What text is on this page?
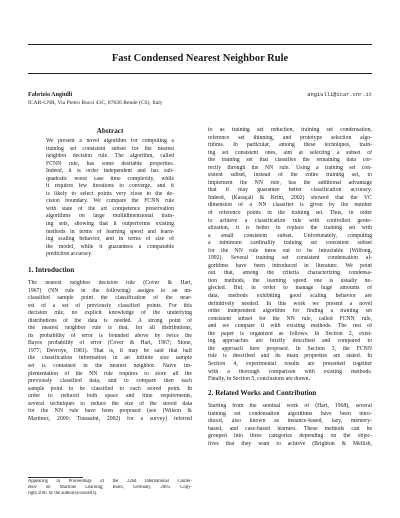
Fast Condensed Nearest Neighbor Rule
Fabrizio Angiulli	angiulli@icar.cnr.it
ICAR-CNR, Via Pietro Bucci 41C, 87036 Rende (CS), Italy
Abstract
We present a novel algorithm for computing a
training set consistent subset for the nearest
neighbor decision rule. The algorithm, called
FCNN rule, has some desirable properties.
Indeed, it is order independent and has sub-
quadratic worst case time complexity, while
it requires few iterations to converge, and it
is likely to select points very close to the de-
cision boundary. We compare the FCNN rule
with state of the art competence preservation
algorithms on large multidimensional train-
ing sets, showing that it outperforms existing
methods in terms of learning speed and learn-
ing scaling behavior, and in terms of size of
the model, while it guarantees a comparable
prediction accuracy.
1. Introduction
The nearest neighbor decision rule (Cover & Hart,
1967) (NN rule in the following) assigns to an un-
classified sample point the classification of the near-
est of a set of previously classified points. For this
decision rule, no explicit knowledge of the underlying
distributions of the data is needed. A strong point of
the nearest neighbor rule is that, for all distributions,
its probability of error is bounded above by twice the
Bayes probability of error (Cover & Hart, 1967; Stone,
1977; Devroye, 1981). That is, it may be said that half
the classification information in an infinite size sample
set is contained in the nearest neighbor. Naive im-
plementation of the NN rule requires to store all the
previously classified data, and to compare then each
sample point to be classified to each stored point. In
order to reduced both space and time requirements,
several techniques to reduce the size of the stored data
for the NN rule have been proposed (see (Wilson &
Martinez, 2000; Toussaint, 2002) for a survey) referred
Appearing in Proceedings of the 22nd International Confer-
ence on Machine Learning, Bonn, Germany, 2005. Copy-
right 2005 by the author(s)/owner(s).
to as training set reduction, training set condensation,
reference set thinning, and prototype selection algo-
rithms. In particular, among these techniques, train-
ing set consistent ones, aim at selecting a subset of
the training set that classifies the remaining data cor-
rectly through the NN rule. Using a training set con-
sistent subset, instead of the entire training set, to
implement the NN rule, has the additional advantage
that it may guarantee better classification accuracy.
Indeed, (Karaçali & Krim, 2002) showed that the VC
dimension of a NN classifier is given by the number
of reference points in the training set. Thus, in order
to achieve a classification rule with controlled gener-
alization, it is better to replace the training set with
a small consistent subset. Unfortunately, computing
a minimum cardinality training set consistent subset
for the NN rule turns out to be intractable (Wilfong,
1992). Several training set consistent condensation al-
gorithms have been introduced in literature. We point
out that, among the criteria characterizing condensa-
tion methods, the learning speed one is usually ne-
glected. But, in order to manage huge amounts of
data, methods exhibiting good scaling behavior are
definitively needed. In this work we present a novel
order independent algorithm for finding a training set
consistent subset for the NN rule, called FCNN rule,
and we compare it with existing methods. The rest of
the paper is organized as follows. In Section 2, exist-
ing approaches are briefly described and compared to
the approach here proposed. In Section 3, the FCNN
rule is described and its main properties are stated. In
Section 4, experimental results are presented together
with a thorough comparison with existing methods.
Finally, in Section 5, conclusions are drawn.
2. Related Works and Contribution
Starting from the seminal work of (Hart, 1968), several
training set condensation algorithms have been intro-
duced, also known as instance-based, lazy, memory-
based, and case-based learners. These methods can be
grouped into three categories depending on the objec-
tives that they want to achieve (Brighton & Mellish,
